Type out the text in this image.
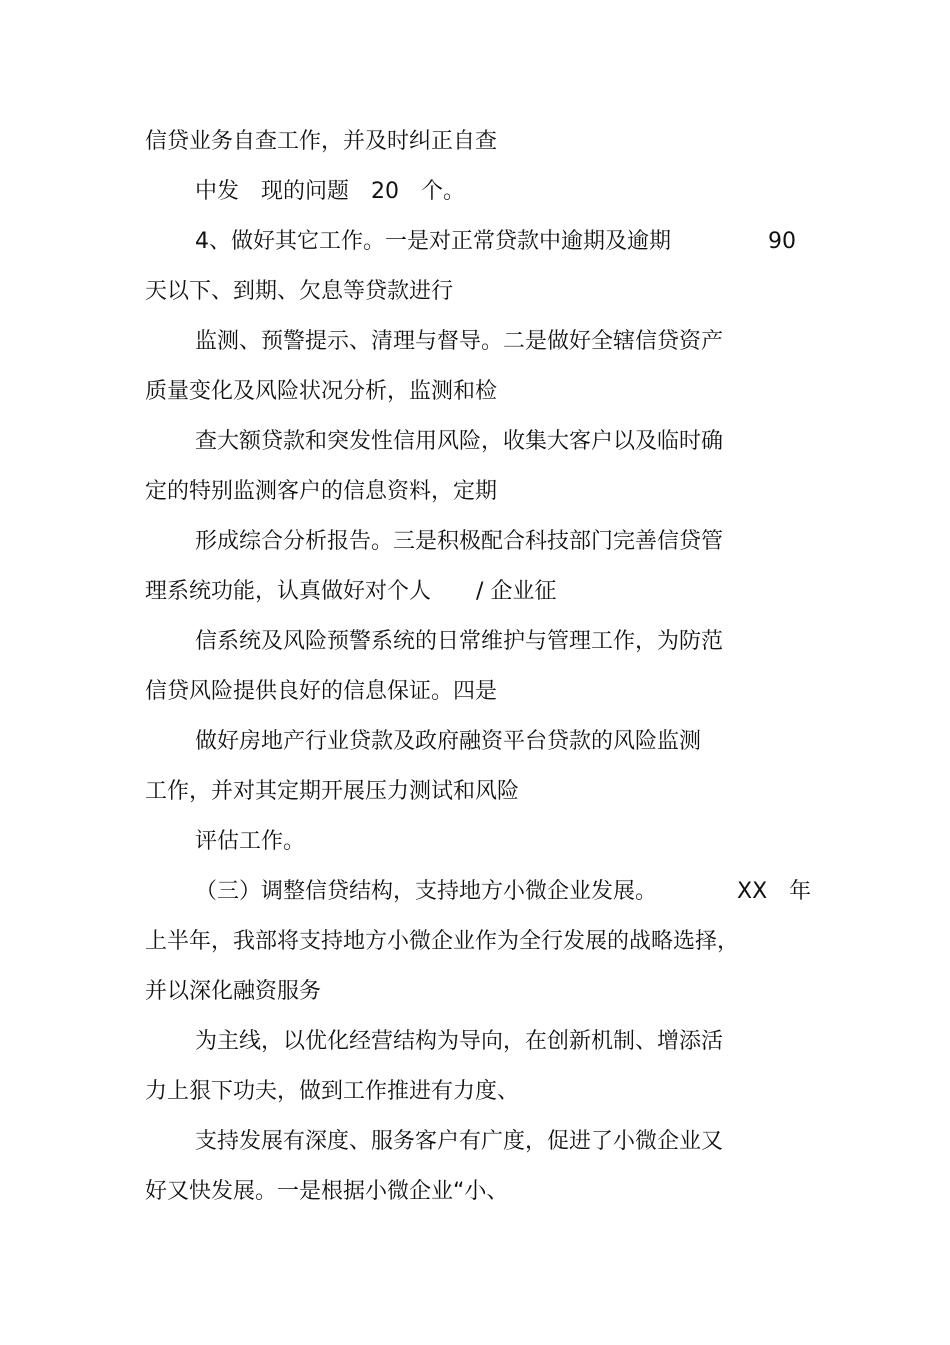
信贷业务自查工作，并及时纠正自查
中发　现的问题　20　个。
4、做好其它工作。一是对正常贷款中逾期及逾期	90
天以下、到期、欠息等贷款进行
监测、预警提示、清理与督导。二是做好全辖信贷资产
质量变化及风险状况分析，监测和检
查大额贷款和突发性信用风险，收集大客户以及临时确
定的特别监测客户的信息资料，定期
形成综合分析报告。三是积极配合科技部门完善信贷管
理系统功能，认真做好对个人 / 企业征
信系统及风险预警系统的日常维护与管理工作，为防范
信贷风险提供良好的信息保证。四是
做好房地产行业贷款及政府融资平台贷款的风险监测
工作，并对其定期开展压力测试和风险
评估工作。
（三）调整信贷结构，支持地方小微企业发展。	XX　年
上半年，我部将支持地方小微企业作为全行发展的战略选择，
并以深化融资服务
为主线，以优化经营结构为导向，在创新机制、增添活
力上狠下功夫，做到工作推进有力度、
支持发展有深度、服务客户有广度，促进了小微企业又
好又快发展。一是根据小微企业“小、
